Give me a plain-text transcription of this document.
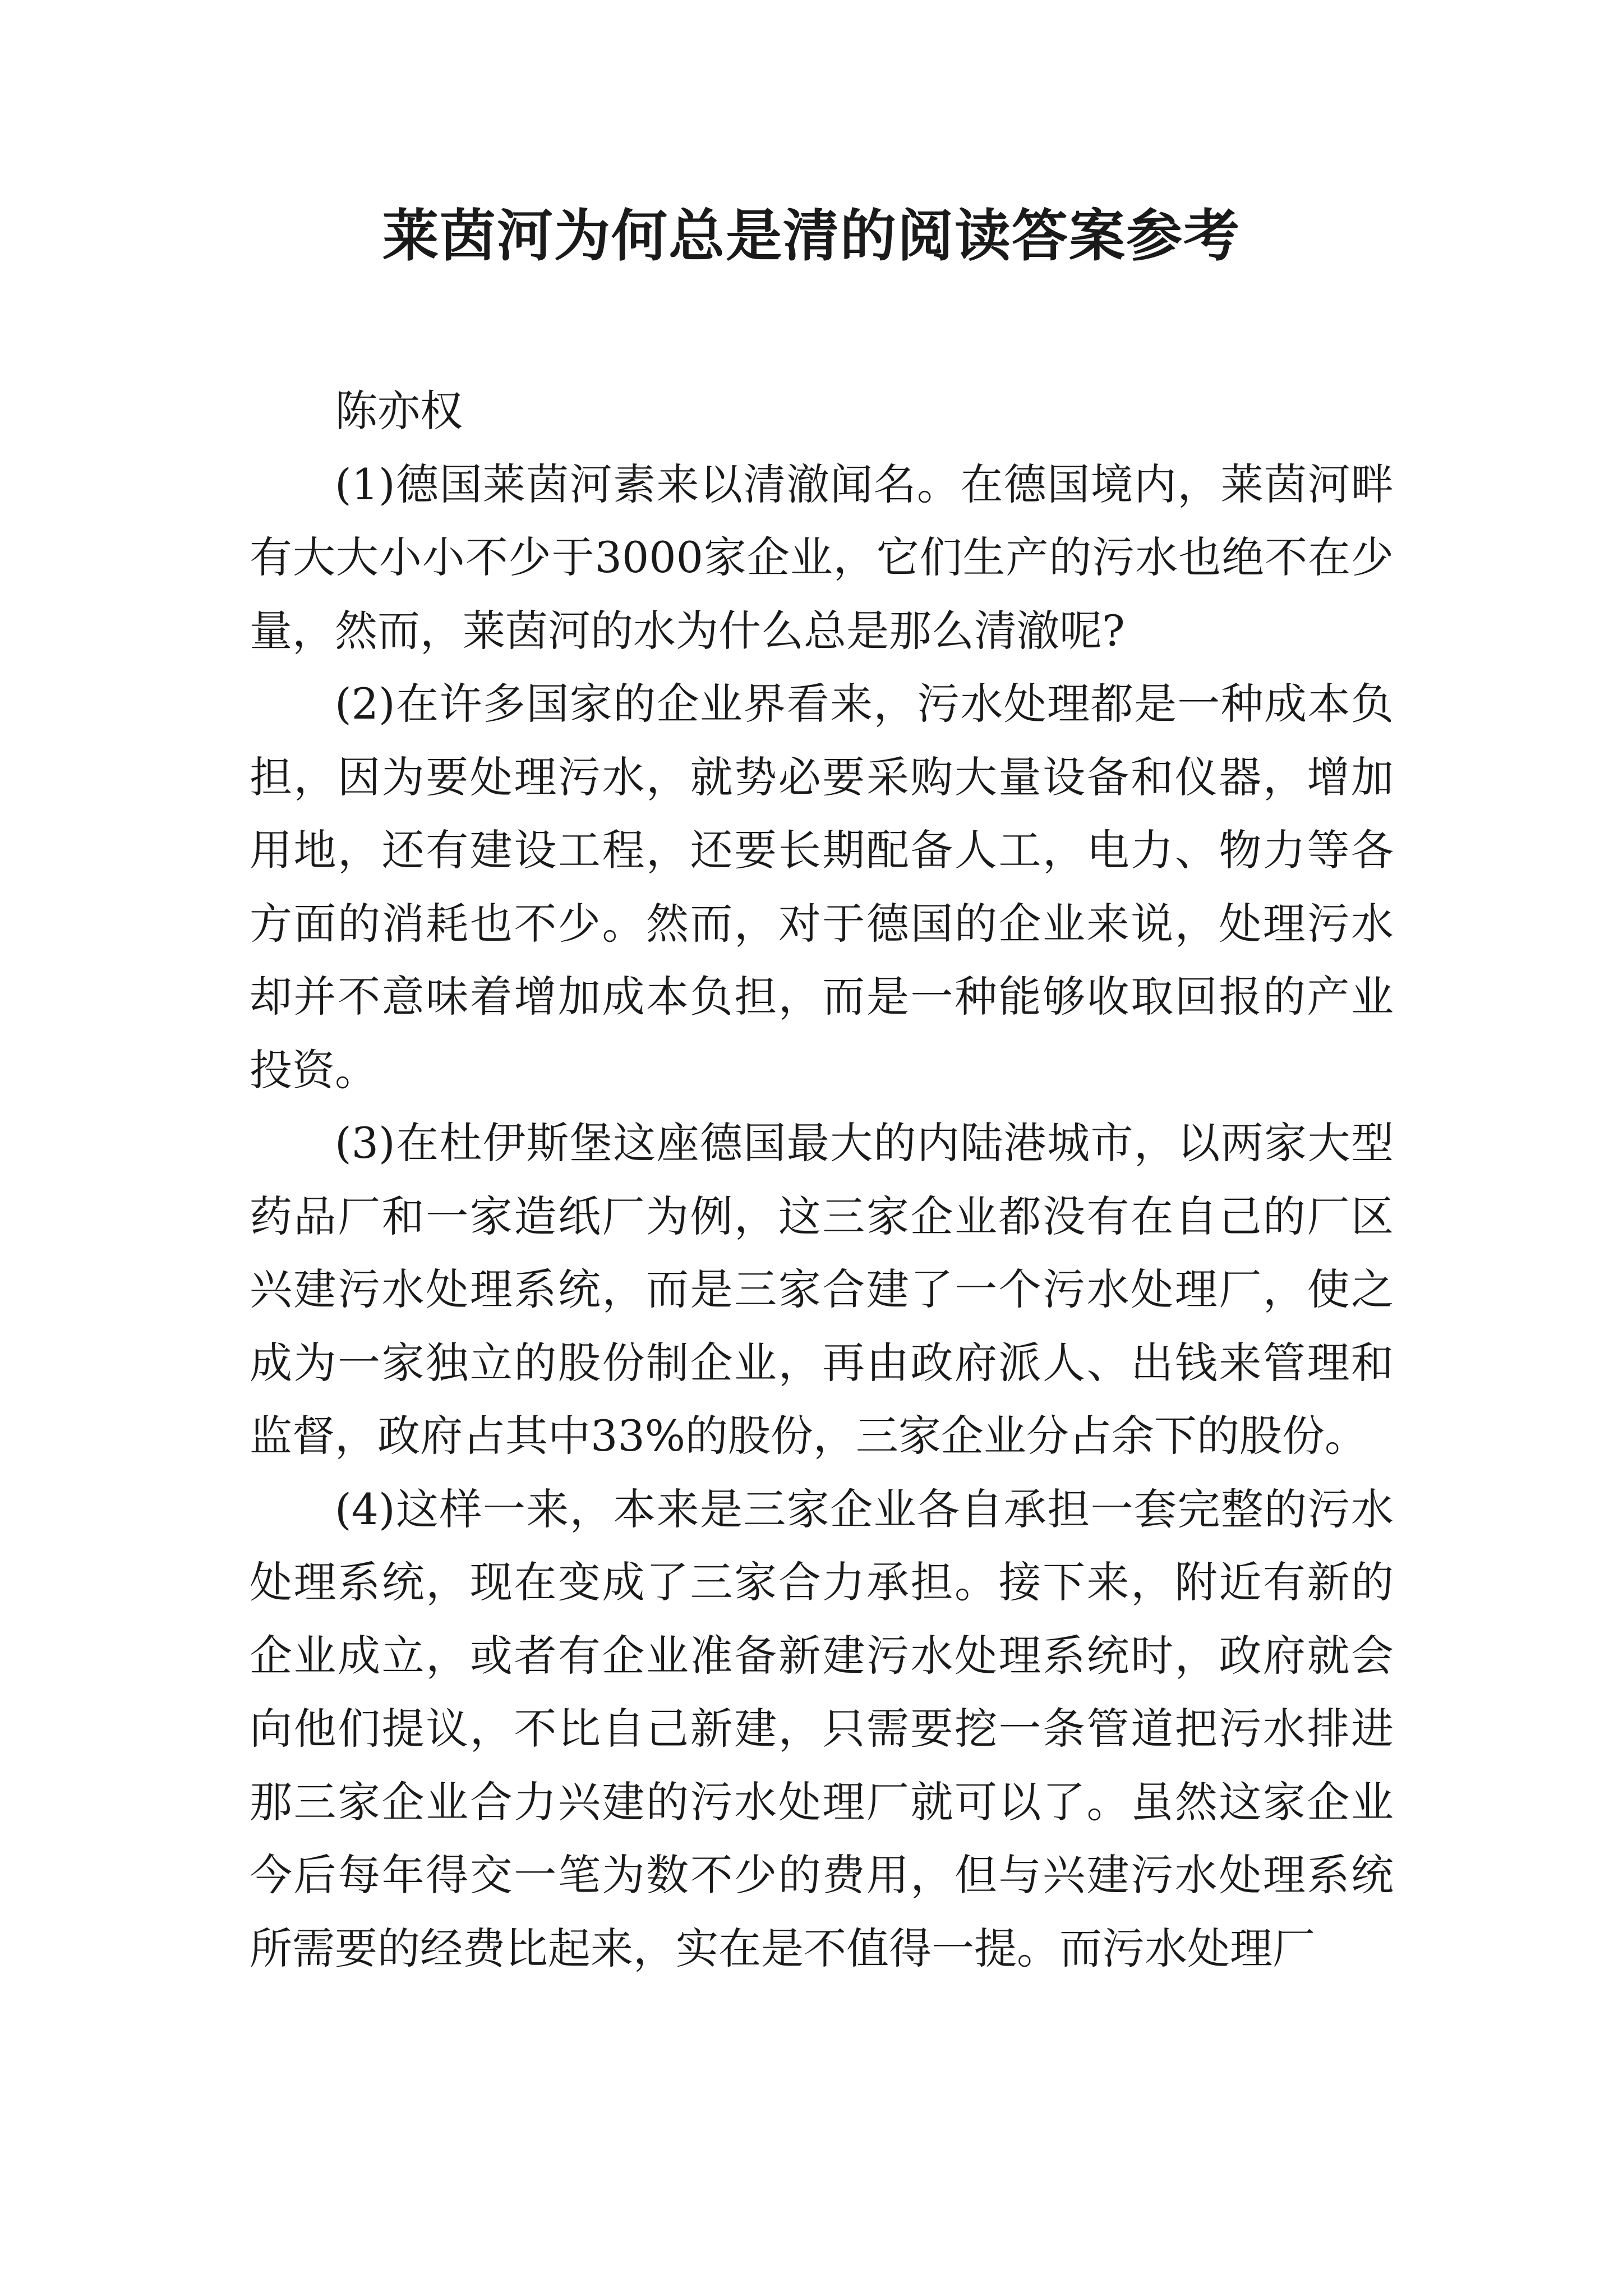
莱茵河为何总是清的阅读答案参考

陈亦权

(1)德国莱茵河素来以清澈闻名。在德国境内，莱茵河畔有大大小小不少于3000家企业，它们生产的污水也绝不在少量，然而，莱茵河的水为什么总是那么清澈呢?

(2)在许多国家的企业界看来，污水处理都是一种成本负担，因为要处理污水，就势必要采购大量设备和仪器，增加用地，还有建设工程，还要长期配备人工，电力、物力等各方面的消耗也不少。然而，对于德国的企业来说，处理污水却并不意味着增加成本负担，而是一种能够收取回报的产业投资。

(3)在杜伊斯堡这座德国最大的内陆港城市，以两家大型药品厂和一家造纸厂为例，这三家企业都没有在自己的厂区兴建污水处理系统，而是三家合建了一个污水处理厂，使之成为一家独立的股份制企业，再由政府派人、出钱来管理和监督，政府占其中33%的股份，三家企业分占余下的股份。

(4)这样一来，本来是三家企业各自承担一套完整的污水处理系统，现在变成了三家合力承担。接下来，附近有新的企业成立，或者有企业准备新建污水处理系统时，政府就会向他们提议，不比自己新建，只需要挖一条管道把污水排进那三家企业合力兴建的污水处理厂就可以了。虽然这家企业今后每年得交一笔为数不少的费用，但与兴建污水处理系统所需要的经费比起来，实在是不值得一提。而污水处理厂
